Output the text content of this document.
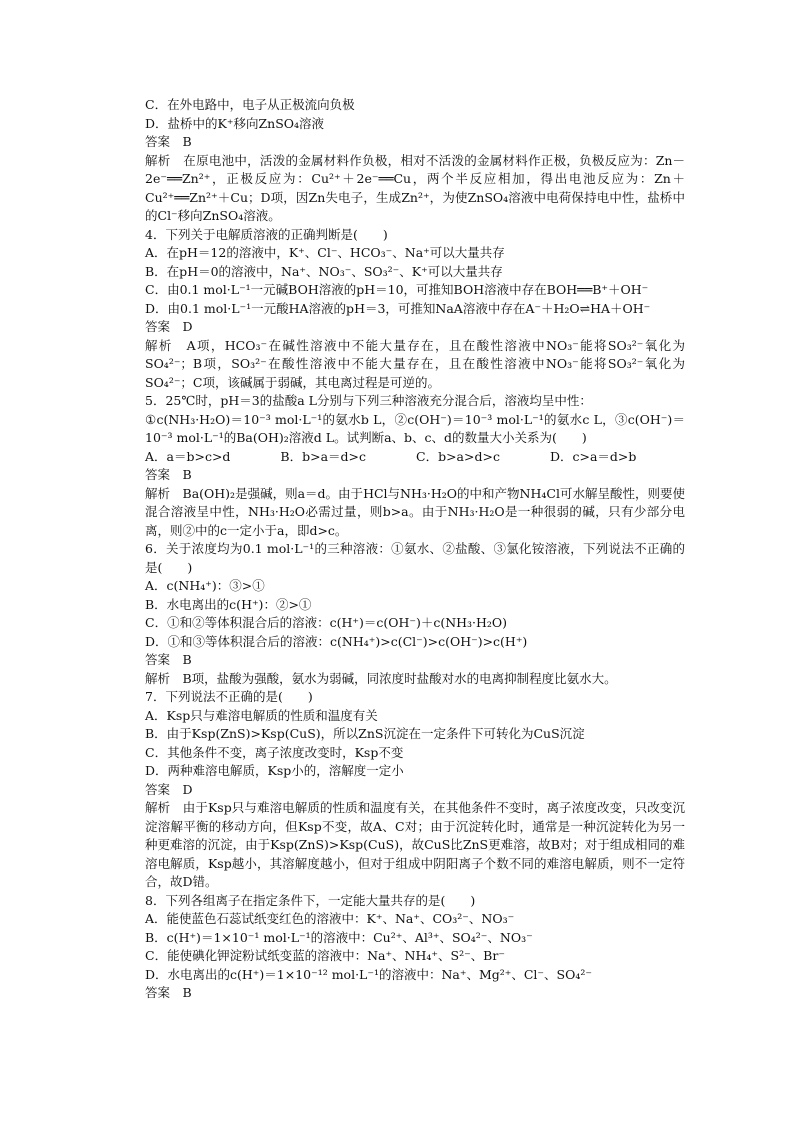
C．在外电路中，电子从正极流向负极
D．盐桥中的K⁺移向ZnSO₄溶液
答案　B
解析　在原电池中，活泼的金属材料作负极，相对不活泼的金属材料作正极，负极反应为：Zn－2e⁻══Zn²⁺，正极反应为：Cu²⁺＋2e⁻══Cu，两个半反应相加，得出电池反应为：Zn＋Cu²⁺══Zn²⁺＋Cu；D项，因Zn失电子，生成Zn²⁺，为使ZnSO₄溶液中电荷保持电中性，盐桥中的Cl⁻移向ZnSO₄溶液。
4．下列关于电解质溶液的正确判断是(　　)
A．在pH＝12的溶液中，K⁺、Cl⁻、HCO₃⁻、Na⁺可以大量共存
B．在pH＝0的溶液中，Na⁺、NO₃⁻、SO₃²⁻、K⁺可以大量共存
C．由0.1 mol·L⁻¹一元碱BOH溶液的pH＝10，可推知BOH溶液中存在BOH══B⁺＋OH⁻
D．由0.1 mol·L⁻¹一元酸HA溶液的pH＝3，可推知NaA溶液中存在A⁻＋H₂O⇌HA＋OH⁻
答案　D
解析　A项，HCO₃⁻在碱性溶液中不能大量存在，且在酸性溶液中NO₃⁻能将SO₃²⁻氧化为SO₄²⁻；B项，SO₃²⁻在酸性溶液中不能大量存在，且在酸性溶液中NO₃⁻能将SO₃²⁻氧化为SO₄²⁻；C项，该碱属于弱碱，其电离过程是可逆的。
5．25℃时，pH＝3的盐酸a L分别与下列三种溶液充分混合后，溶液均呈中性：
①c(NH₃·H₂O)＝10⁻³ mol·L⁻¹的氨水b L，②c(OH⁻)＝10⁻³ mol·L⁻¹的氨水c L，③c(OH⁻)＝10⁻³ mol·L⁻¹的Ba(OH)₂溶液d L。试判断a、b、c、d的数量大小关系为(　　)
A．a＝b>c>d　　　　B．b>a＝d>c　　　　C．b>a>d>c　　　　D．c>a＝d>b
答案　B
解析　Ba(OH)₂是强碱，则a＝d。由于HCl与NH₃·H₂O的中和产物NH₄Cl可水解呈酸性，则要使混合溶液呈中性，NH₃·H₂O必需过量，则b>a。由于NH₃·H₂O是一种很弱的碱，只有少部分电离，则②中的c一定小于a，即d>c。
6．关于浓度均为0.1 mol·L⁻¹的三种溶液：①氨水、②盐酸、③氯化铵溶液，下列说法不正确的是(　　)
A．c(NH₄⁺)：③>①
B．水电离出的c(H⁺)：②>①
C．①和②等体积混合后的溶液：c(H⁺)＝c(OH⁻)＋c(NH₃·H₂O)
D．①和③等体积混合后的溶液：c(NH₄⁺)>c(Cl⁻)>c(OH⁻)>c(H⁺)
答案　B
解析　B项，盐酸为强酸，氨水为弱碱，同浓度时盐酸对水的电离抑制程度比氨水大。
7．下列说法不正确的是(　　)
A．Ksp只与难溶电解质的性质和温度有关
B．由于Ksp(ZnS)>Ksp(CuS)，所以ZnS沉淀在一定条件下可转化为CuS沉淀
C．其他条件不变，离子浓度改变时，Ksp不变
D．两种难溶电解质，Ksp小的，溶解度一定小
答案　D
解析　由于Ksp只与难溶电解质的性质和温度有关，在其他条件不变时，离子浓度改变，只改变沉淀溶解平衡的移动方向，但Ksp不变，故A、C对；由于沉淀转化时，通常是一种沉淀转化为另一种更难溶的沉淀，由于Ksp(ZnS)>Ksp(CuS)，故CuS比ZnS更难溶，故B对；对于组成相同的难溶电解质，Ksp越小，其溶解度越小，但对于组成中阴阳离子个数不同的难溶电解质，则不一定符合，故D错。
8．下列各组离子在指定条件下，一定能大量共存的是(　　)
A．能使蓝色石蕊试纸变红色的溶液中：K⁺、Na⁺、CO₃²⁻、NO₃⁻
B．c(H⁺)＝1×10⁻¹ mol·L⁻¹的溶液中：Cu²⁺、Al³⁺、SO₄²⁻、NO₃⁻
C．能使碘化钾淀粉试纸变蓝的溶液中：Na⁺、NH₄⁺、S²⁻、Br⁻
D．水电离出的c(H⁺)＝1×10⁻¹² mol·L⁻¹的溶液中：Na⁺、Mg²⁺、Cl⁻、SO₄²⁻
答案　B
